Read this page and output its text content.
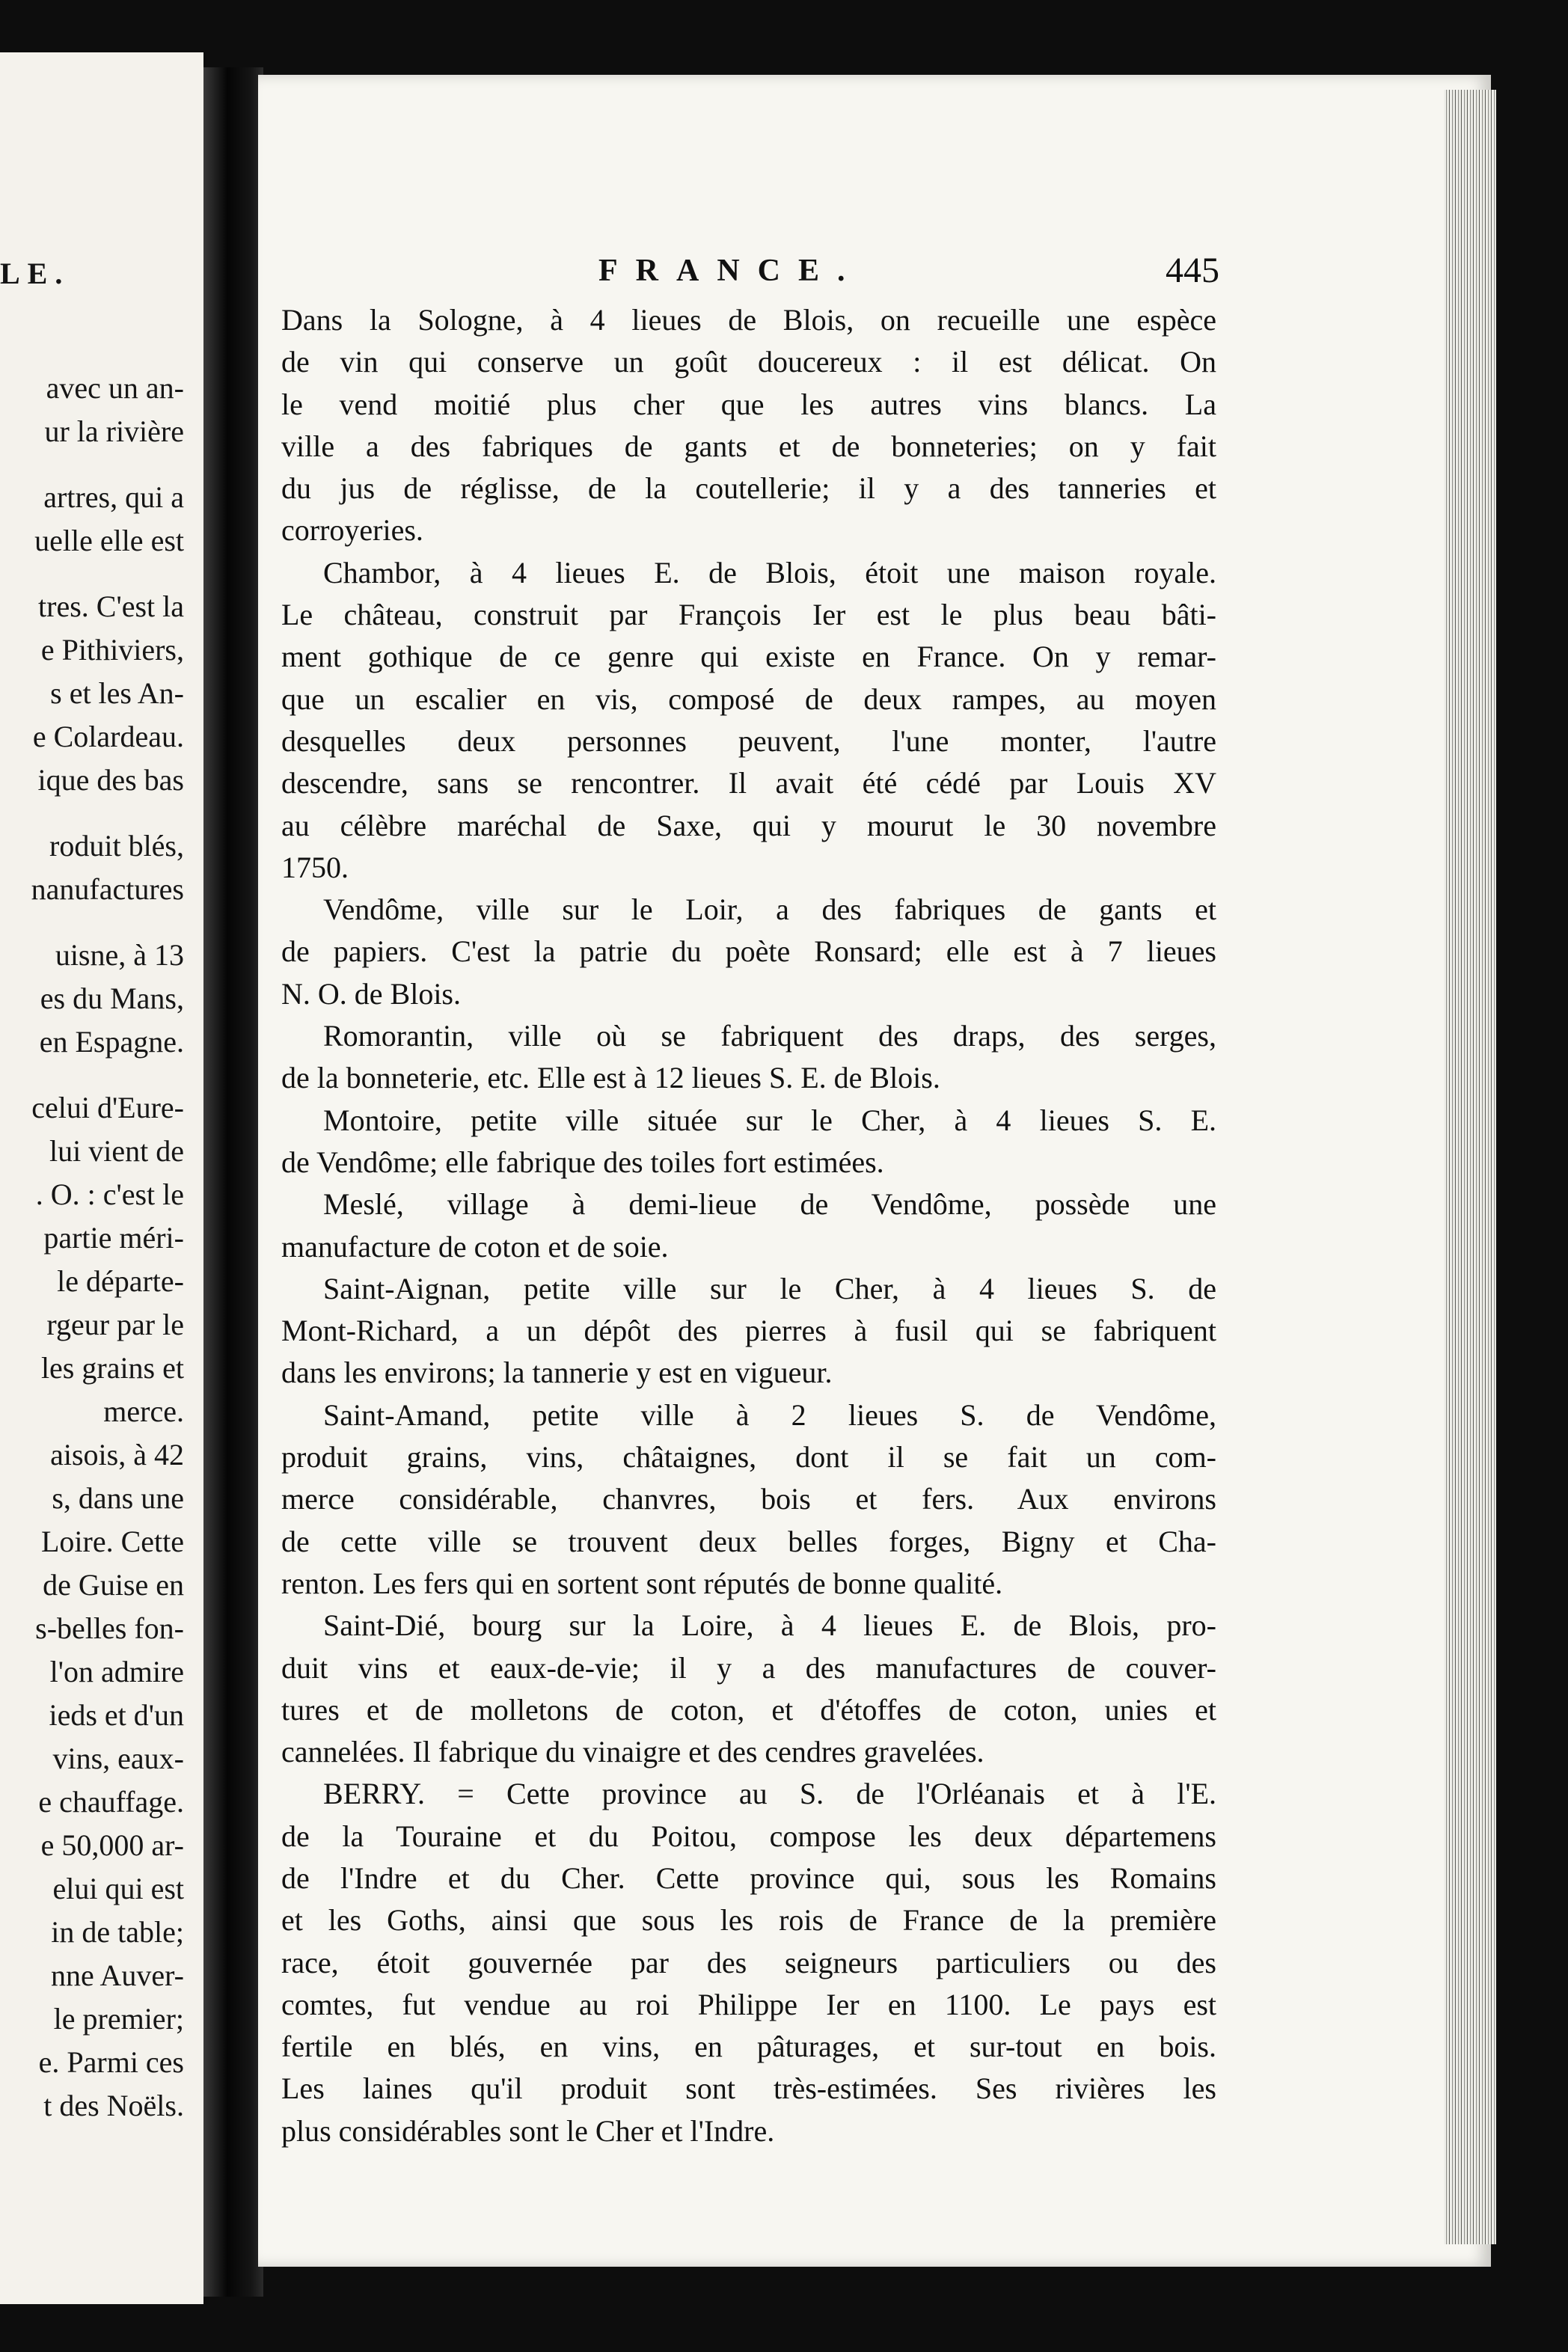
LE.
avec un an-
ur la rivière

artres, qui a
uelle elle est

tres. C'est la
e Pithiviers,
s et les An-
e Colardeau.
ique des bas

roduit blés,
nanufactures

uisne, à 13
es du Mans,
en Espagne.

celui d'Eure-
lui vient de
. O. : c'est le
partie méri-
le départe-
rgeur par le
les grains et
merce.
aisois, à 42
s, dans une
Loire. Cette
de Guise en
s-belles fon-
l'on admire
ieds et d'un
vins, eaux-
e chauffage.
e 50,000 ar-
elui qui est
in de table;
nne Auver-
le premier;
e. Parmi ces
t des Noëls.
FRANCE.	445
Dans la Sologne, à 4 lieues de Blois, on recueille une espèce
de vin qui conserve un goût doucereux : il est délicat. On
le vend moitié plus cher que les autres vins blancs. La
ville a des fabriques de gants et de bonneteries; on y fait
du jus de réglisse, de la coutellerie; il y a des tanneries et
corroyeries.
Chambor, à 4 lieues E. de Blois, étoit une maison royale.
Le château, construit par François Ier est le plus beau bâti-
ment gothique de ce genre qui existe en France. On y remar-
que un escalier en vis, composé de deux rampes, au moyen
desquelles deux personnes peuvent, l'une monter, l'autre
descendre, sans se rencontrer. Il avait été cédé par Louis XV
au célèbre maréchal de Saxe, qui y mourut le 30 novembre
1750.
Vendôme, ville sur le Loir, a des fabriques de gants et
de papiers. C'est la patrie du poète Ronsard; elle est à 7 lieues
N. O. de Blois.
Romorantin, ville où se fabriquent des draps, des serges,
de la bonneterie, etc. Elle est à 12 lieues S. E. de Blois.
Montoire, petite ville située sur le Cher, à 4 lieues S. E.
de Vendôme; elle fabrique des toiles fort estimées.
Meslé, village à demi-lieue de Vendôme, possède une
manufacture de coton et de soie.
Saint-Aignan, petite ville sur le Cher, à 4 lieues S. de
Mont-Richard, a un dépôt des pierres à fusil qui se fabriquent
dans les environs; la tannerie y est en vigueur.
Saint-Amand, petite ville à 2 lieues S. de Vendôme,
produit grains, vins, châtaignes, dont il se fait un com-
merce considérable, chanvres, bois et fers. Aux environs
de cette ville se trouvent deux belles forges, Bigny et Cha-
renton. Les fers qui en sortent sont réputés de bonne qualité.
Saint-Dié, bourg sur la Loire, à 4 lieues E. de Blois, pro-
duit vins et eaux-de-vie; il y a des manufactures de couver-
tures et de molletons de coton, et d'étoffes de coton, unies et
cannelées. Il fabrique du vinaigre et des cendres gravelées.
BERRY. = Cette province au S. de l'Orléanais et à l'E.
de la Touraine et du Poitou, compose les deux départemens
de l'Indre et du Cher. Cette province qui, sous les Romains
et les Goths, ainsi que sous les rois de France de la première
race, étoit gouvernée par des seigneurs particuliers ou des
comtes, fut vendue au roi Philippe Ier en 1100. Le pays est
fertile en blés, en vins, en pâturages, et sur-tout en bois.
Les laines qu'il produit sont très-estimées. Ses rivières les
plus considérables sont le Cher et l'Indre.
